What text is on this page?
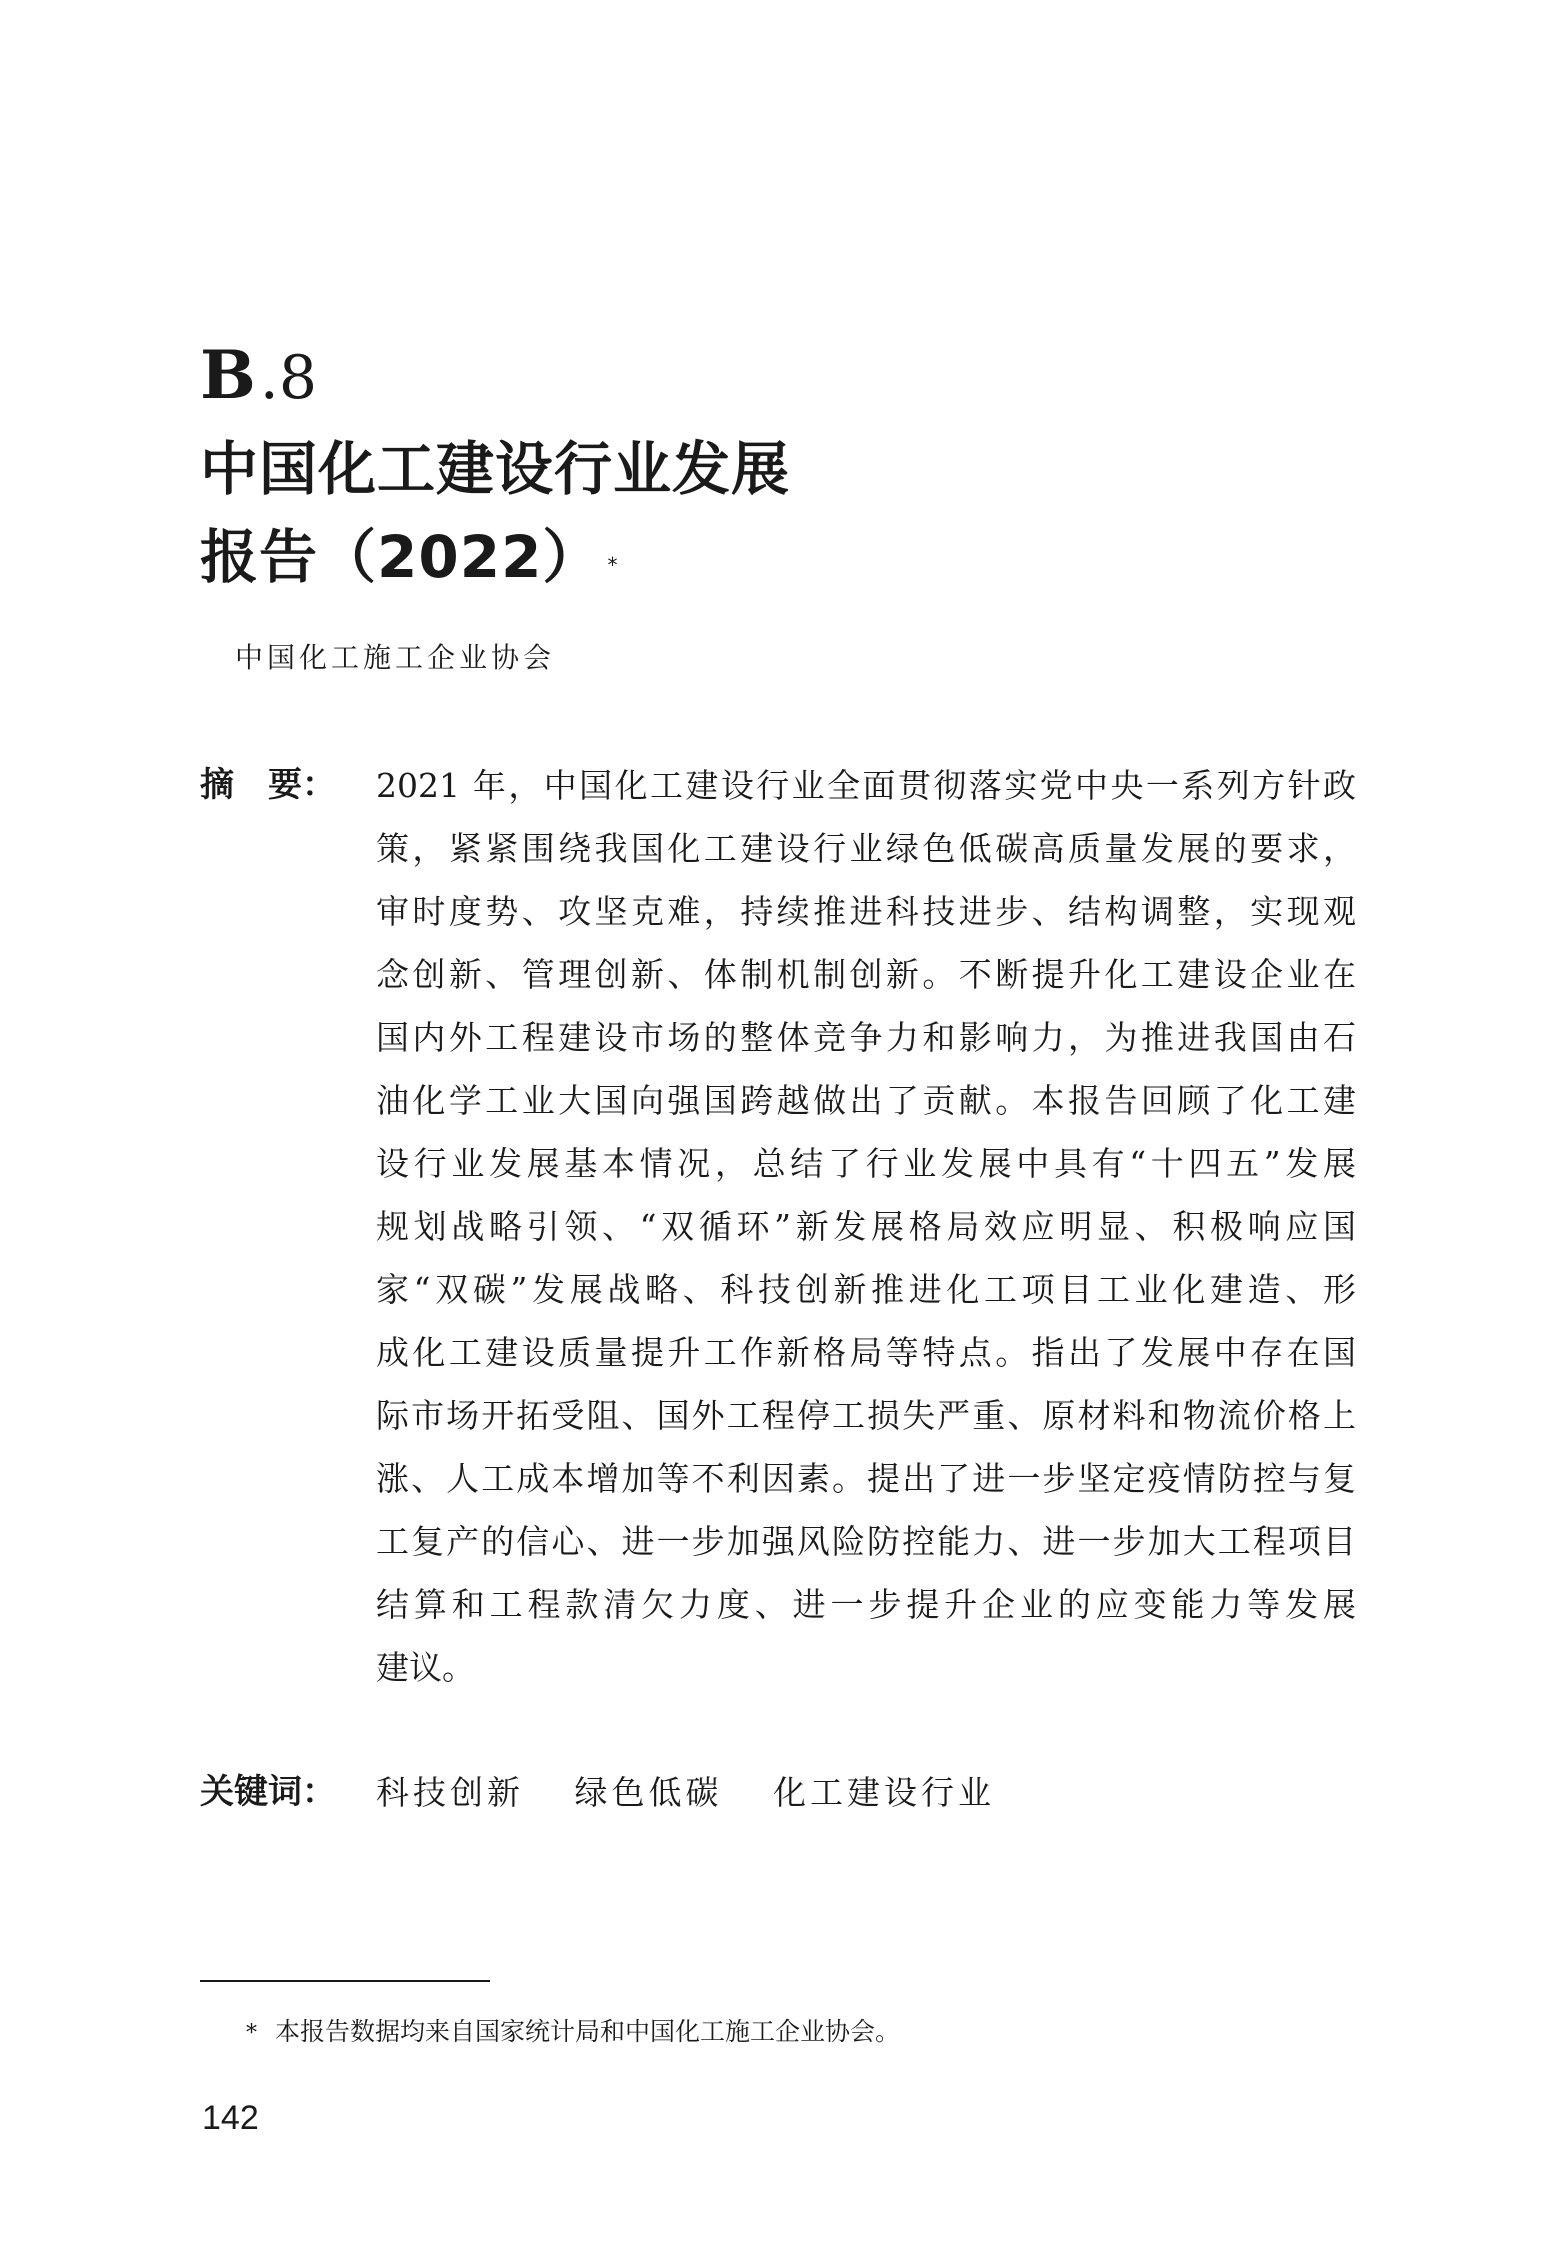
B .8
中国化工建设行业发展
报告（2022） *
中国化工施工企业协会
摘　要： 2021 年，中国化工建设行业全面贯彻落实党中央一系列方针政
策，紧紧围绕我国化工建设行业绿色低碳高质量发展的要求，
审时度势、攻坚克难，持续推进科技进步、结构调整，实现观
念创新、管理创新、体制机制创新。不断提升化工建设企业在
国内外工程建设市场的整体竞争力和影响力，为推进我国由石
油化学工业大国向强国跨越做出了贡献。本报告回顾了化工建
设行业发展基本情况，总结了行业发展中具有“十四五”发展
规划战略引领、“双循环”新发展格局效应明显、积极响应国
家“双碳”发展战略、科技创新推进化工项目工业化建造、形
成化工建设质量提升工作新格局等特点。指出了发展中存在国
际市场开拓受阻、国外工程停工损失严重、原材料和物流价格上
涨、人工成本增加等不利因素。提出了进一步坚定疫情防控与复
工复产的信心、进一步加强风险防控能力、进一步加大工程项目
结算和工程款清欠力度、进一步提升企业的应变能力等发展
建议。
关键词： 科技创新 绿色低碳 化工建设行业
* 本报告数据均来自国家统计局和中国化工施工企业协会。
142
